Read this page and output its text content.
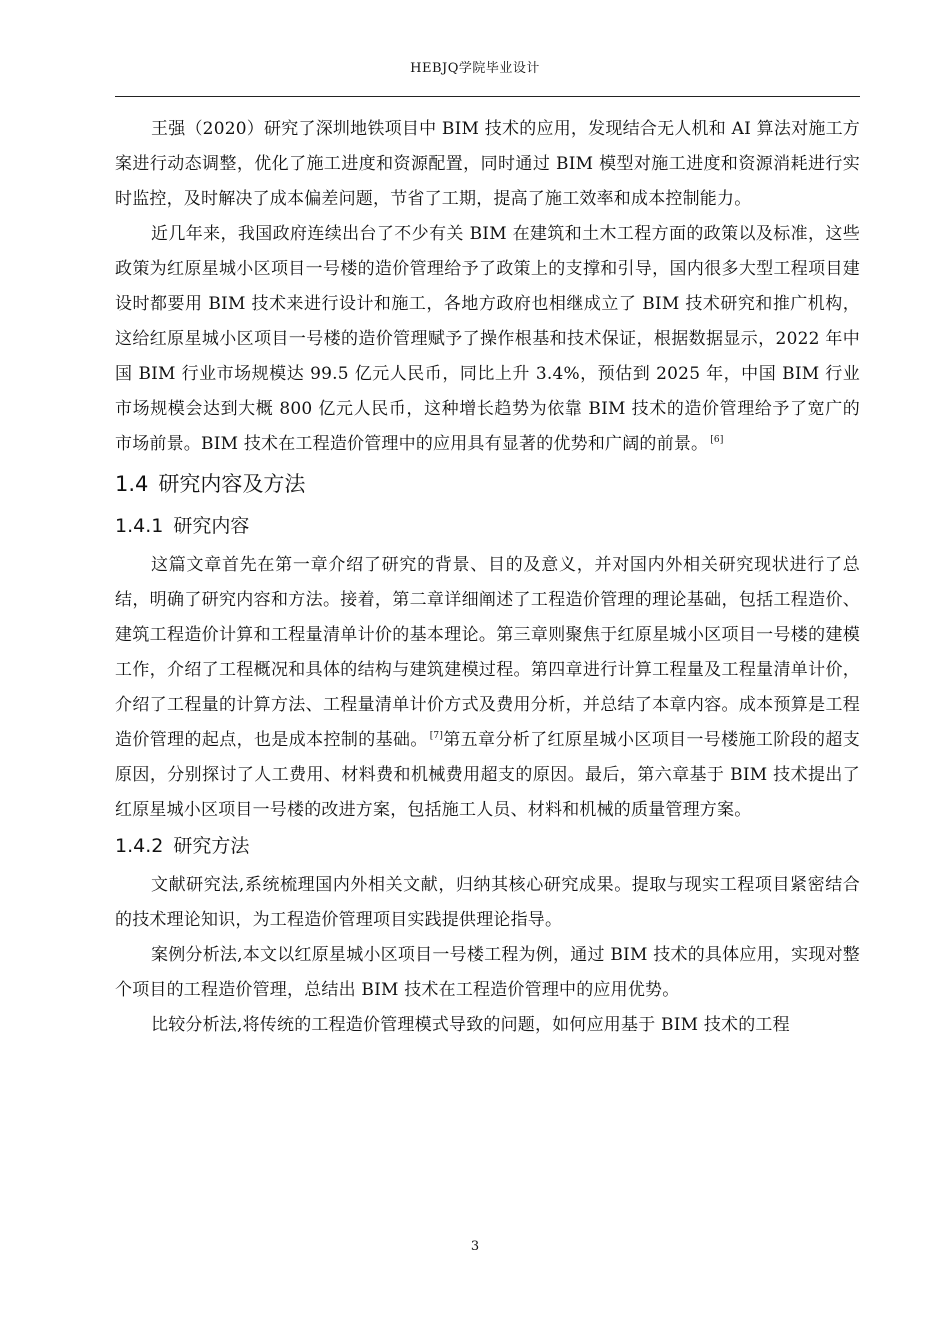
HEBJQ学院毕业设计

王强（2020）研究了深圳地铁项目中 BIM 技术的应用，发现结合无人机和 AI 算法对施工方案进行动态调整，优化了施工进度和资源配置，同时通过 BIM 模型对施工进度和资源消耗进行实时监控，及时解决了成本偏差问题，节省了工期，提高了施工效率和成本控制能力。

近几年来，我国政府连续出台了不少有关 BIM 在建筑和土木工程方面的政策以及标准，这些政策为红原星城小区项目一号楼的造价管理给予了政策上的支撑和引导，国内很多大型工程项目建设时都要用 BIM 技术来进行设计和施工，各地方政府也相继成立了 BIM 技术研究和推广机构，这给红原星城小区项目一号楼的造价管理赋予了操作根基和技术保证，根据数据显示，2022 年中国 BIM 行业市场规模达 99.5 亿元人民币，同比上升 3.4%，预估到 2025 年，中国 BIM 行业市场规模会达到大概 800 亿元人民币，这种增长趋势为依靠 BIM 技术的造价管理给予了宽广的市场前景。BIM 技术在工程造价管理中的应用具有显著的优势和广阔的前景。 [6]

1.4 研究内容及方法
1.4.1 研究内容

这篇文章首先在第一章介绍了研究的背景、目的及意义，并对国内外相关研究现状进行了总结，明确了研究内容和方法。接着，第二章详细阐述了工程造价管理的理论基础，包括工程造价、建筑工程造价计算和工程量清单计价的基本理论。第三章则聚焦于红原星城小区项目一号楼的建模工作，介绍了工程概况和具体的结构与建筑建模过程。第四章进行计算工程量及工程量清单计价，介绍了工程量的计算方法、工程量清单计价方式及费用分析，并总结了本章内容。成本预算是工程造价管理的起点，也是成本控制的基础。 [7]第五章分析了红原星城小区项目一号楼施工阶段的超支原因，分别探讨了人工费用、材料费和机械费用超支的原因。最后，第六章基于 BIM 技术提出了红原星城小区项目一号楼的改进方案，包括施工人员、材料和机械的质量管理方案。

1.4.2 研究方法

文献研究法,系统梳理国内外相关文献，归纳其核心研究成果。提取与现实工程项目紧密结合的技术理论知识，为工程造价管理项目实践提供理论指导。

案例分析法,本文以红原星城小区项目一号楼工程为例，通过 BIM 技术的具体应用，实现对整个项目的工程造价管理，总结出 BIM 技术在工程造价管理中的应用优势。

比较分析法,将传统的工程造价管理模式导致的问题，如何应用基于 BIM 技术的工程

3
